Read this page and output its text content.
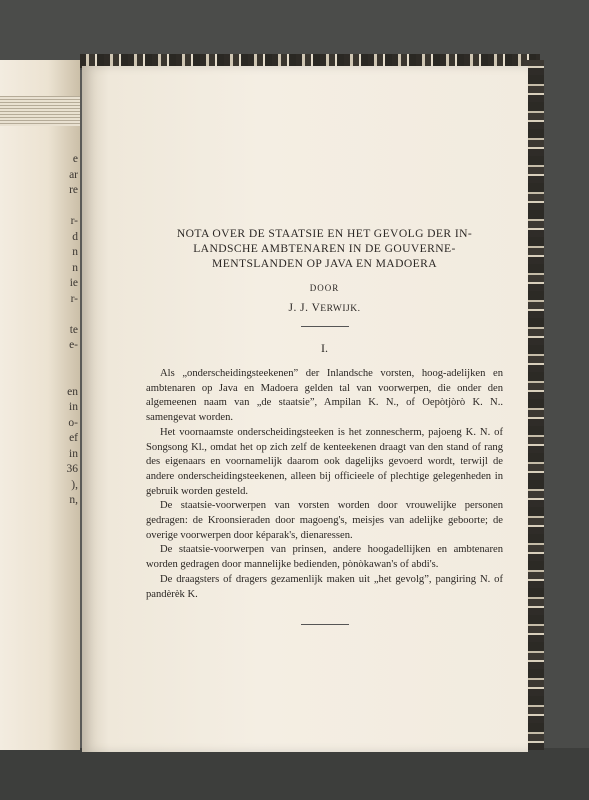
e
ar
re
r-
d
n
n
ie
r-
te
e-
en
in
o-
ef
in
36
),
n,

NOTA OVER DE STAATSIE EN HET GEVOLG DER IN-
LANDSCHE AMBTENAREN IN DE GOUVERNE-
MENTSLANDEN OP JAVA EN MADOERA

DOOR
J. J. VERWIJK.
I.

Als „onderscheidingsteekenen” der Inlandsche vorsten, hoog-adelijken en ambtenaren op Java en Madoera gelden tal van voorwerpen, die onder den algemeenen naam van „de staatsie”, Ampilan K. N., of Oepòtjòrò K. N.. samengevat worden.

Het voornaamste onderscheidingsteeken is het zonnescherm, pajoeng K. N. of Songsong Kl., omdat het op zich zelf de kenteekenen draagt van den stand of rang des eigenaars en voornamelijk daarom ook dagelijks gevoerd wordt, terwijl de andere onderscheidingsteekenen, alleen bij officieele of plechtige gelegenheden in gebruik worden gesteld.

De staatsie-voorwerpen van vorsten worden door vrouwelijke personen gedragen: de Kroonsieraden door magoeng's, meisjes van adelijke geboorte; de overige voorwerpen door képarak's, dienaressen.

De staatsie-voorwerpen van prinsen, andere hoogadellijken en ambtenaren worden gedragen door mannelijke bedienden, pònòkawan's of abdi's.

De draagsters of dragers gezamenlijk maken uit „het gevolg”, pangiring N. of pandèrèk K.
